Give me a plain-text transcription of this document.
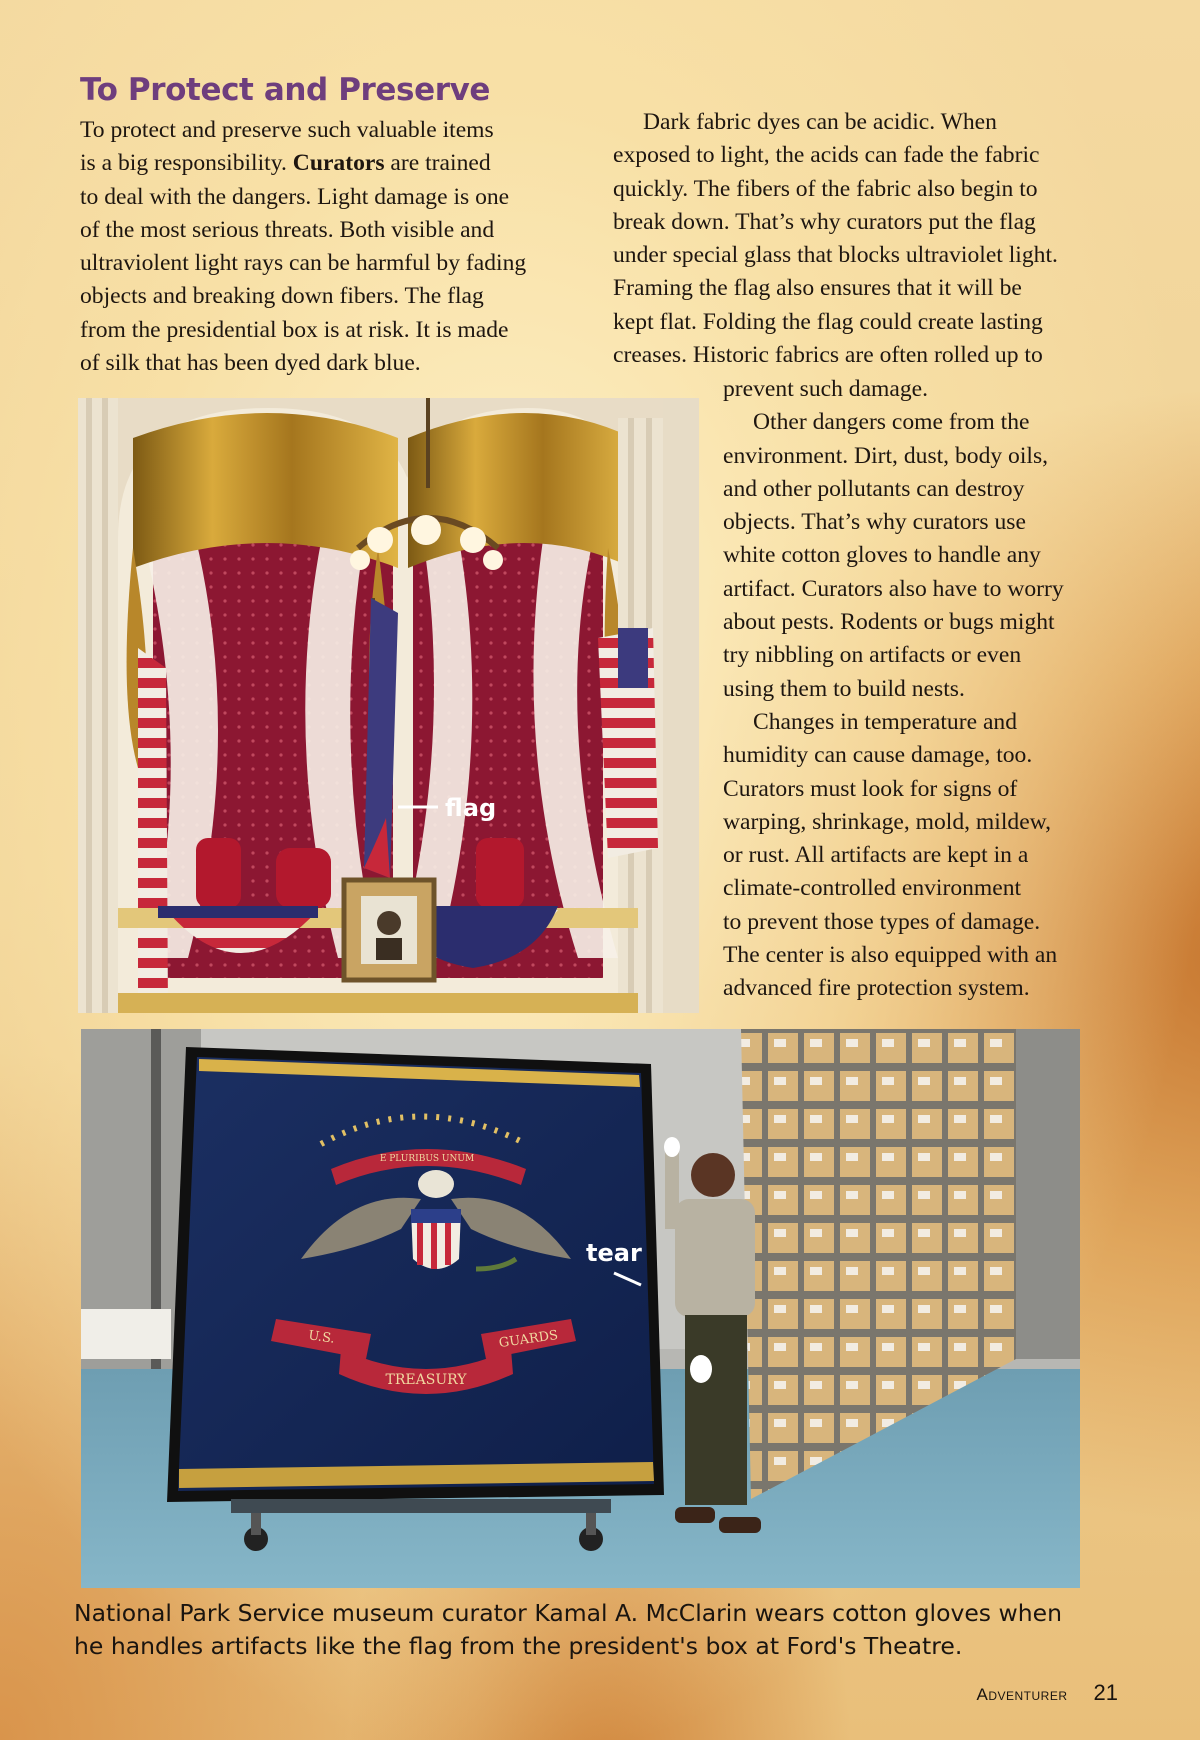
To Protect and Preserve

To protect and preserve such valuable items
is a big responsibility. Curators are trained
to deal with the dangers. Light damage is one
of the most serious threats. Both visible and
ultraviolent light rays can be harmful by fading
objects and breaking down fibers. The flag
from the presidential box is at risk. It is made
of silk that has been dyed dark blue.

Dark fabric dyes can be acidic. When
exposed to light, the acids can fade the fabric
quickly. The fibers of the fabric also begin to
break down. That’s why curators put the flag
under special glass that blocks ultraviolet light.
Framing the flag also ensures that it will be
kept flat. Folding the flag could create lasting
creases. Historic fabrics are often rolled up to

prevent such damage.
Other dangers come from the
environment. Dirt, dust, body oils,
and other pollutants can destroy
objects. That’s why curators use
white cotton gloves to handle any
artifact. Curators also have to worry
about pests. Rodents or bugs might
try nibbling on artifacts or even
using them to build nests.
Changes in temperature and
humidity can cause damage, too.
Curators must look for signs of
warping, shrinkage, mold, mildew,
or rust. All artifacts are kept in a
climate-controlled environment
to prevent those types of damage.
The center is also equipped with an
advanced fire protection system.

flag
E PLURIBUS UNUM
U.S.
TREASURY
GUARDS
tear

National Park Service museum curator Kamal A. McClarin wears cotton gloves when
he handles artifacts like the flag from the president's box at Ford's Theatre.

Adventurer 21
